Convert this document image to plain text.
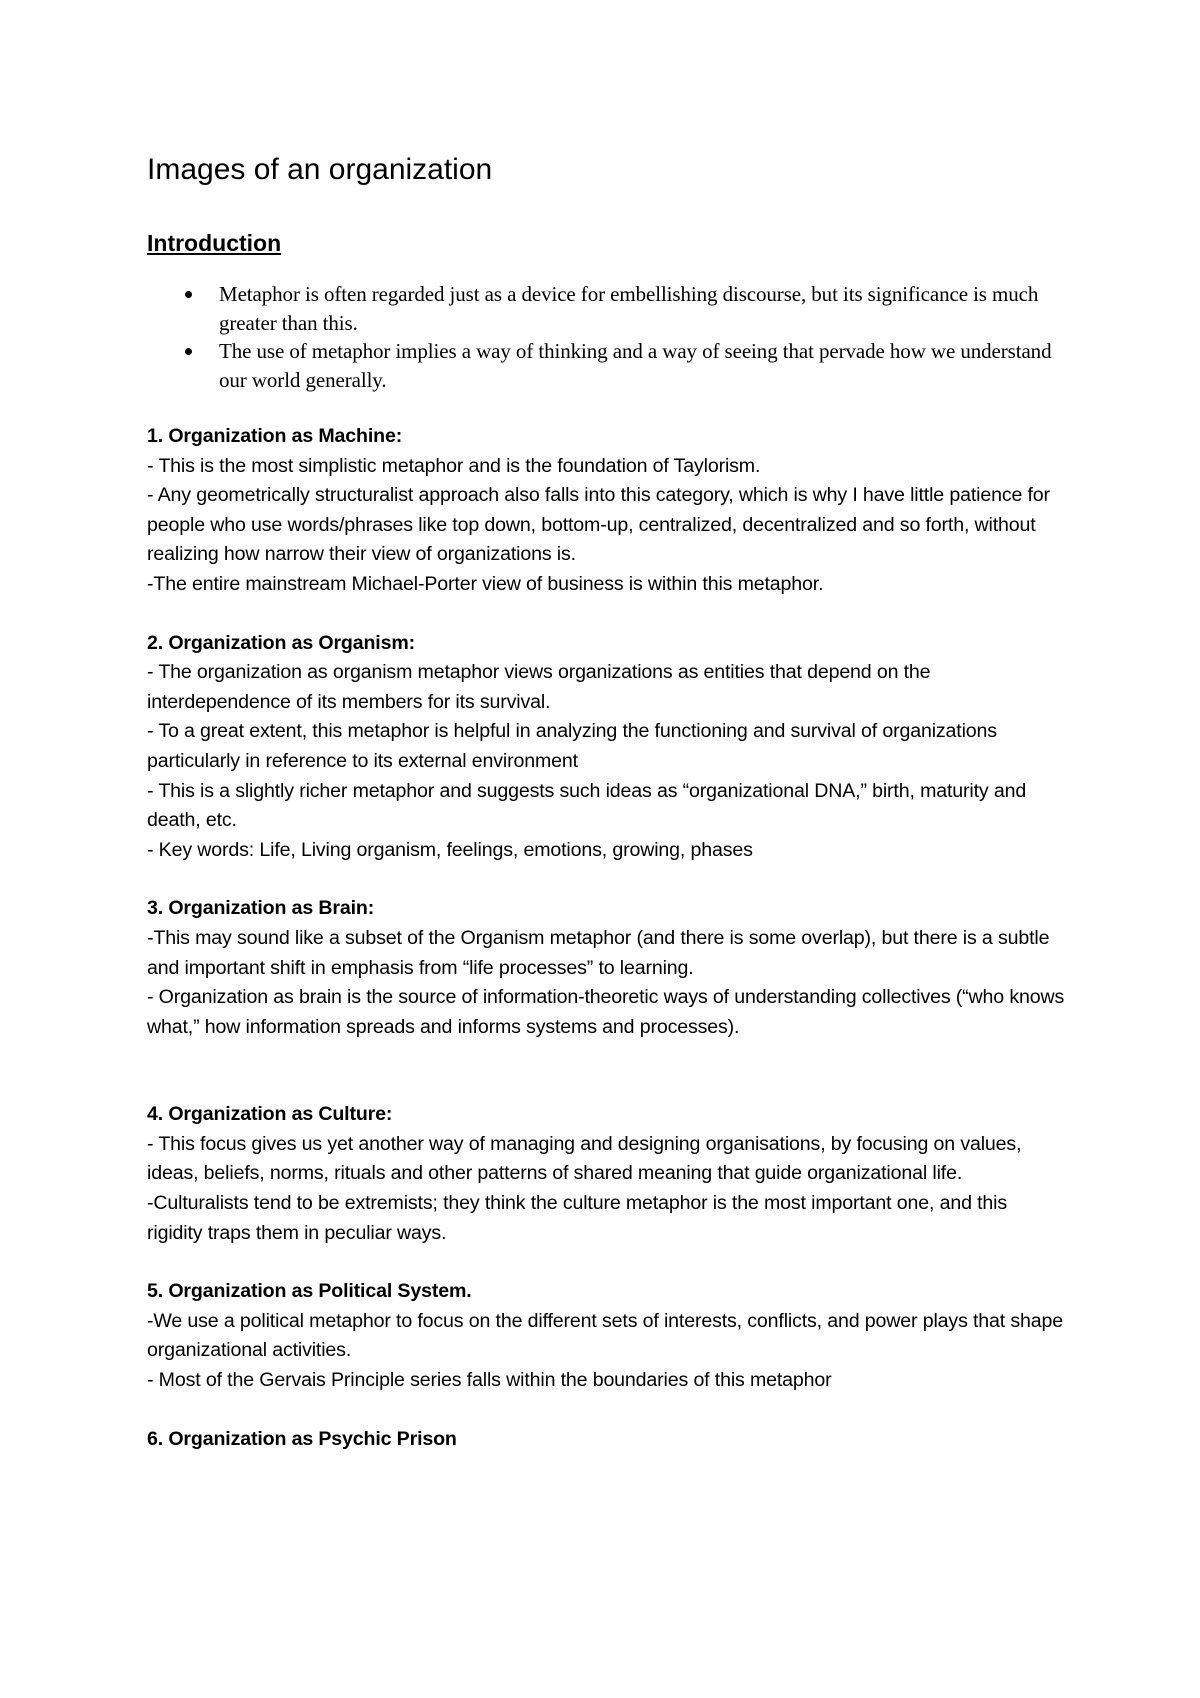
Images of an organization
Introduction
Metaphor is often regarded just as a device for embellishing discourse, but its significance is much greater than this.
The use of metaphor implies a way of thinking and a way of seeing that pervade how we understand our world generally.
1. Organization as Machine:
- This is the most simplistic metaphor and is the foundation of Taylorism.
- Any geometrically structuralist approach also falls into this category, which is why I have little patience for people who use words/phrases like top down, bottom-up, centralized, decentralized and so forth, without realizing how narrow their view of organizations is.
-The entire mainstream Michael-Porter view of business is within this metaphor.
2. Organization as Organism:
- The organization as organism metaphor views organizations as entities that depend on the interdependence of its members for its survival.
- To a great extent, this metaphor is helpful in analyzing the functioning and survival of organizations particularly in reference to its external environment
- This is a slightly richer metaphor and suggests such ideas as “organizational DNA,” birth, maturity and death, etc.
- Key words: Life, Living organism, feelings, emotions, growing, phases
3. Organization as Brain:
-This may sound like a subset of the Organism metaphor (and there is some overlap), but there is a subtle and important shift in emphasis from “life processes” to learning.
- Organization as brain is the source of information-theoretic ways of understanding collectives (“who knows what,” how information spreads and informs systems and processes).
4. Organization as Culture:
- This focus gives us yet another way of managing and designing organisations, by focusing on values, ideas, beliefs, norms, rituals and other patterns of shared meaning that guide organizational life.
-Culturalists tend to be extremists; they think the culture metaphor is the most important one, and this rigidity traps them in peculiar ways.
5. Organization as Political System.
-We use a political metaphor to focus on the different sets of interests, conflicts, and power plays that shape organizational activities.
- Most of the Gervais Principle series falls within the boundaries of this metaphor
6. Organization as Psychic Prison
